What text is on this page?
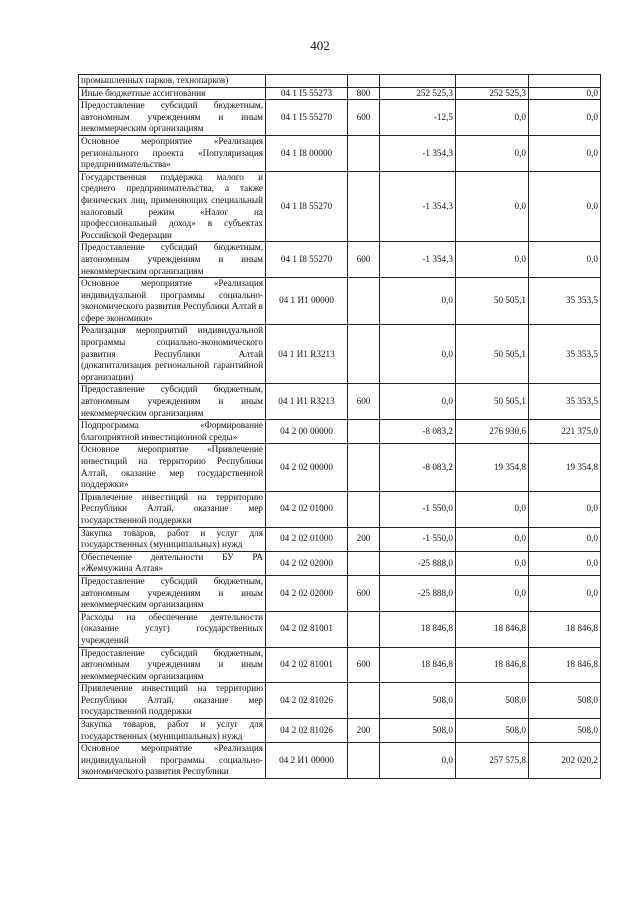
402
промышленных парков, технопарков)					
Иные бюджетные ассигнования	04 1 I5 55273	800	252 525,3	252 525,3	0,0
Предоставление субсидий бюджетным, автономным учреждениям и иным некоммерческим организациям	04 1 I5 55270	600	-12,5	0,0	0,0
Основное мероприятие «Реализация регионального проекта «Популяризация предпринимательства»	04 1 I8 00000		-1 354,3	0,0	0,0
Государственная поддержка малого и среднего предпринимательства, а также физических лиц, применяющих специальный налоговый режим «Налог на профессиональный доход» в субъектах Российской Федерации	04 1 I8 55270		-1 354,3	0,0	0,0
Предоставление субсидий бюджетным, автономным учреждениям и иным некоммерческим организациям	04 1 I8 55270	600	-1 354,3	0,0	0,0
Основное мероприятие «Реализация индивидуальной программы социально-экономического развития Республики Алтай в сфере экономики»	04 1 И1 00000		0,0	50 505,1	35 353,5
Реализация мероприятий индивидуальной программы социально-экономического развития Республики Алтай (докапитализация региональной гарантийной организации)	04 1 И1 R3213		0,0	50 505,1	35 353,5
Предоставление субсидий бюджетным, автономным учреждениям и иным некоммерческим организациям	04 1 И1 R3213	600	0,0	50 505,1	35 353,5
Подпрограмма «Формирование благоприятной инвестиционной среды»	04 2 00 00000		-8 083,2	276 930,6	221 375,0
Основное мероприятие «Привлечение инвестиций на территорию Республики Алтай, оказание мер государственной поддержки»	04 2 02 00000		-8 083,2	19 354,8	19 354,8
Привлечение инвестиций на территорию Республики Алтай, оказание мер государственной поддержки	04 2 02 01000		-1 550,0	0,0	0,0
Закупка товаров, работ и услуг для государственных (муниципальных) нужд	04 2 02 01000	200	-1 550,0	0,0	0,0
Обеспечение деятельности БУ РА «Жемчужина Алтая»	04 2 02 02000		-25 888,0	0,0	0,0
Предоставление субсидий бюджетным, автономным учреждениям и иным некоммерческим организациям	04 2 02 02000	600	-25 888,0	0,0	0,0
Расходы на обеспечение деятельности (оказание услуг) государственных учреждений	04 2 02 81001		18 846,8	18 846,8	18 846,8
Предоставление субсидий бюджетным, автономным учреждениям и иным некоммерческим организациям	04 2 02 81001	600	18 846,8	18 846,8	18 846,8
Привлечение инвестиций на территорию Республики Алтай, оказание мер государственной поддержки	04 2 02 81026		508,0	508,0	508,0
Закупка товаров, работ и услуг для государственных (муниципальных) нужд	04 2 02 81026	200	508,0	508,0	508,0
Основное мероприятие «Реализация индивидуальной программы социально-экономического развития Республики	04 2 И1 00000		0,0	257 575,8	202 020,2
